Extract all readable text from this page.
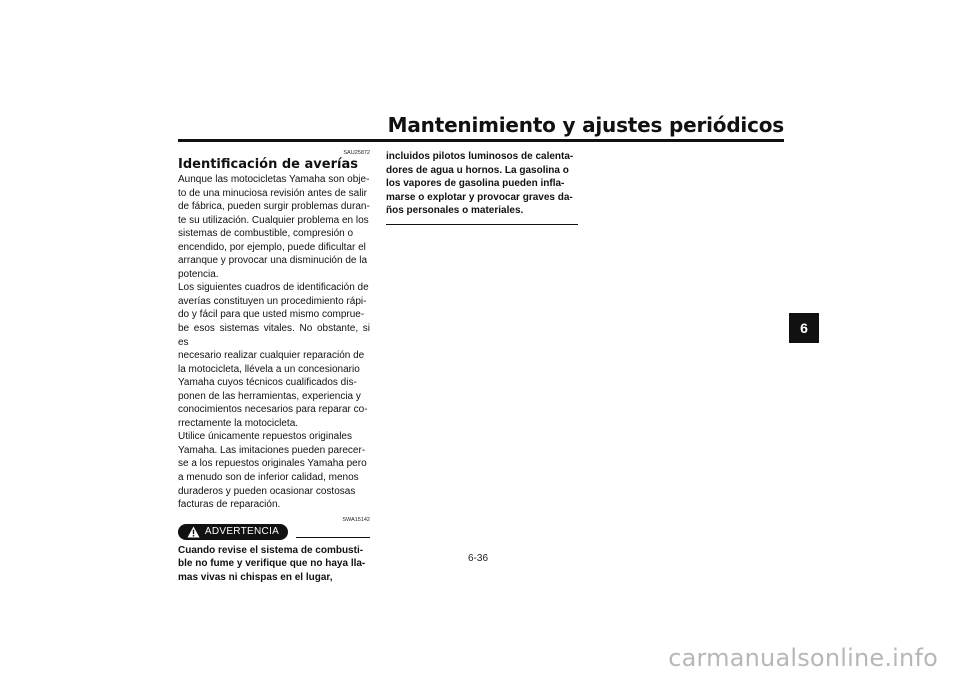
Mantenimiento y ajustes periódicos
6
SAU25872
Identificación de averías
Aunque las motocicletas Yamaha son obje-
to de una minuciosa revisión antes de salir
de fábrica, pueden surgir problemas duran-
te su utilización. Cualquier problema en los
sistemas de combustible, compresión o
encendido, por ejemplo, puede dificultar el
arranque y provocar una disminución de la
potencia.
Los siguientes cuadros de identificación de
averías constituyen un procedimiento rápi-
do y fácil para que usted mismo comprue-
be esos sistemas vitales. No obstante, si es
necesario realizar cualquier reparación de
la motocicleta, llévela a un concesionario
Yamaha cuyos técnicos cualificados dis-
ponen de las herramientas, experiencia y
conocimientos necesarios para reparar co-
rrectamente la motocicleta.
Utilice únicamente repuestos originales
Yamaha. Las imitaciones pueden parecer-
se a los repuestos originales Yamaha pero
a menudo son de inferior calidad, menos
duraderos y pueden ocasionar costosas
facturas de reparación.
SWA15142
ADVERTENCIA
Cuando revise el sistema de combusti-
ble no fume y verifique que no haya lla-
mas vivas ni chispas en el lugar,
incluidos pilotos luminosos de calenta-
dores de agua u hornos. La gasolina o
los vapores de gasolina pueden infla-
marse o explotar y provocar graves da-
ños personales o materiales.
6-36
carmanualsonline.info
